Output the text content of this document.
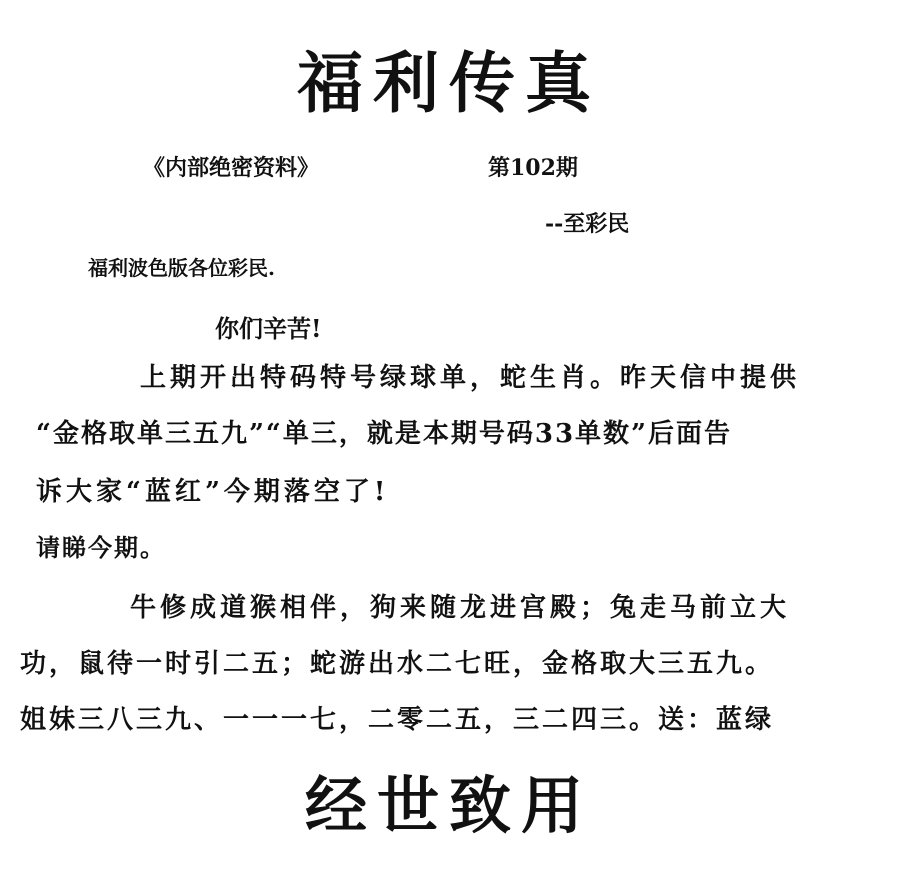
福利传真
《内部绝密资料》	第102期
--至彩民
福利波色版各位彩民.
你们辛苦!
上期开出特码特号绿球单，蛇生肖。昨天信中提供
“金格取单三五九”“单三，就是本期号码33单数”后面告
诉大家“蓝红”今期落空了!
请睇今期。
牛修成道猴相伴，狗来随龙进宫殿；兔走马前立大
功，鼠待一时引二五；蛇游出水二七旺，金格取大三五九。
姐妹三八三九、一一一七，二零二五，三二四三。送：蓝绿
经世致用
